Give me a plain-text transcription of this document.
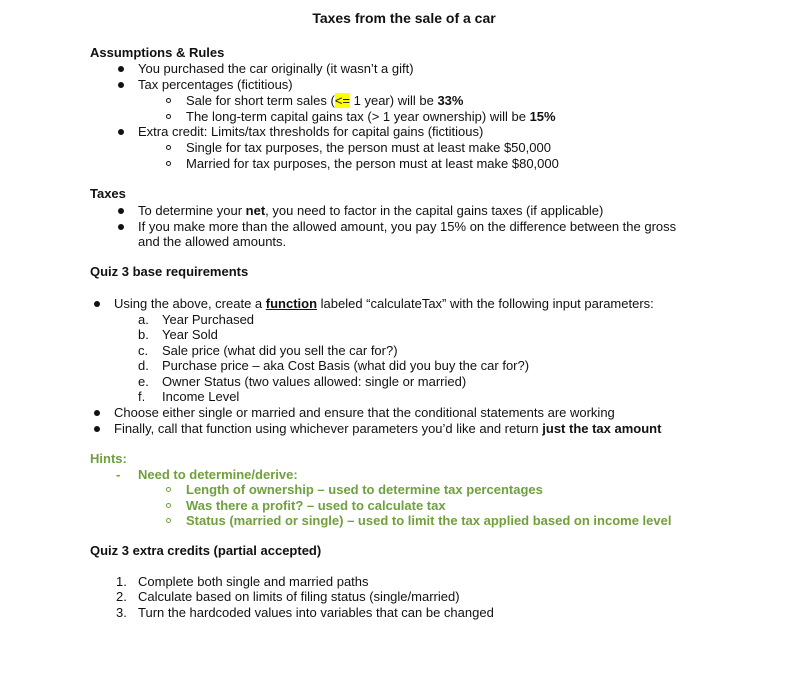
Taxes from the sale of a car
Assumptions & Rules
You purchased the car originally (it wasn’t a gift)
Tax percentages (fictitious)
Sale for short term sales (<= 1 year) will be 33%
The long-term capital gains tax (> 1 year ownership) will be 15%
Extra credit: Limits/tax thresholds for capital gains (fictitious)
Single for tax purposes, the person must at least make $50,000
Married for tax purposes, the person must at least make $80,000
Taxes
To determine your net, you need to factor in the capital gains taxes (if applicable)
If you make more than the allowed amount, you pay 15% on the difference between the gross
and the allowed amounts.
Quiz 3 base requirements
Using the above, create a function labeled “calculateTax” with the following input parameters:
a. Year Purchased
b. Year Sold
c. Sale price (what did you sell the car for?)
d. Purchase price – aka Cost Basis (what did you buy the car for?)
e. Owner Status (two values allowed: single or married)
f. Income Level
Choose either single or married and ensure that the conditional statements are working
Finally, call that function using whichever parameters you’d like and return just the tax amount
Hints:
- Need to determine/derive:
Length of ownership – used to determine tax percentages
Was there a profit? – used to calculate tax
Status (married or single) – used to limit the tax applied based on income level
Quiz 3 extra credits (partial accepted)
1. Complete both single and married paths
2. Calculate based on limits of filing status (single/married)
3. Turn the hardcoded values into variables that can be changed
